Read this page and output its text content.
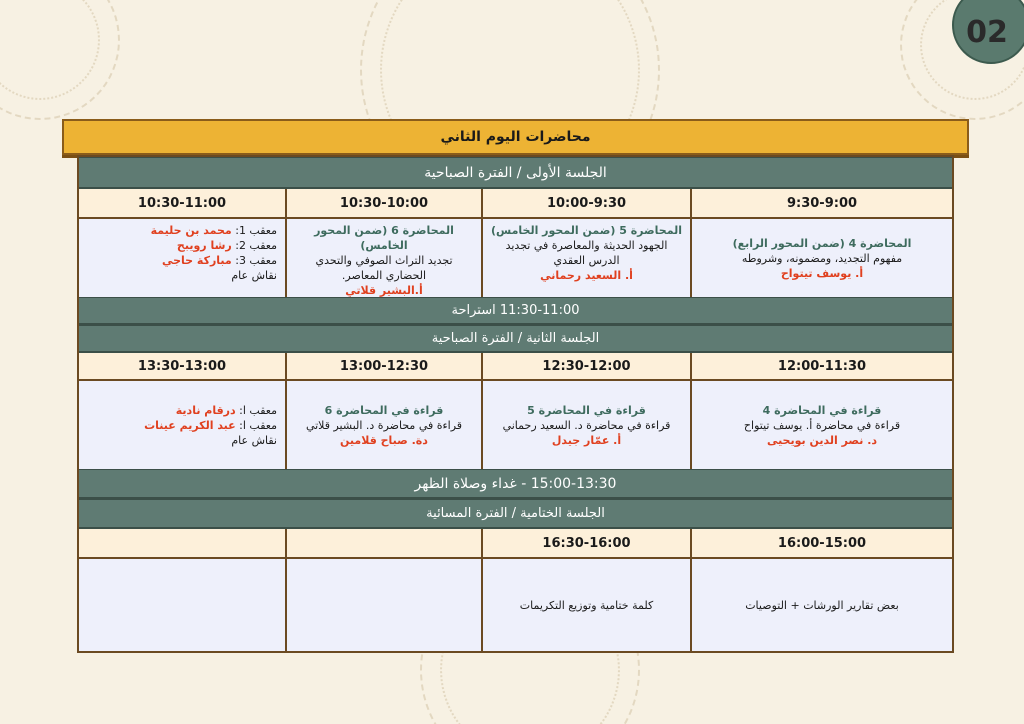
02
محاضرات اليوم الثاني
الجلسة الأولى / الفترة الصباحية
9:30-9:00
10:00-9:30
10:30-10:00
10:30-11:00
المحاضرة 4 (ضمن المحور الرابع)
مفهوم التجديد، ومضمونه، وشروطه
أ. يوسف تيتواح
المحاضرة 5 (ضمن المحور الخامس)
الجهود الحديثة والمعاصرة في تجديد الدرس العقدي
أ. السعيد رحماني
المحاضرة 6 (ضمن المحور الخامس)
تجديد التراث الصوفي والتحدي الحضاري المعاصر.
أ.البشير قلاتي
معقب 1: محمد بن حليمة
معقب 2: رشا رويبح
معقب 3: مباركة حاجي
نقاش عام
11:30-11:00 استراحة
الجلسة الثانية / الفترة الصباحية
12:00-11:30
12:30-12:00
13:00-12:30
13:30-13:00
قراءة في المحاضرة 4
قراءة في محاضرة أ. يوسف تيتواح
د. نصر الدين بويحيى
قراءة في المحاضرة 5
قراءة في محاضرة د. السعيد رحماني
أ. عمّار جيدل
قراءة في المحاضرة 6
قراءة في محاضرة د. البشير قلاتي
دة. صباح قلامين
معقب ا: درقام نادية
معقب ا: عبد الكريم عينات
نقاش عام
15:00-13:30 - غداء وصلاة الظهر
الجلسة الختامية / الفترة المسائية
16:00-15:00
16:30-16:00
بعض تقارير الورشات + التوصيات
كلمة ختامية وتوزيع التكريمات
